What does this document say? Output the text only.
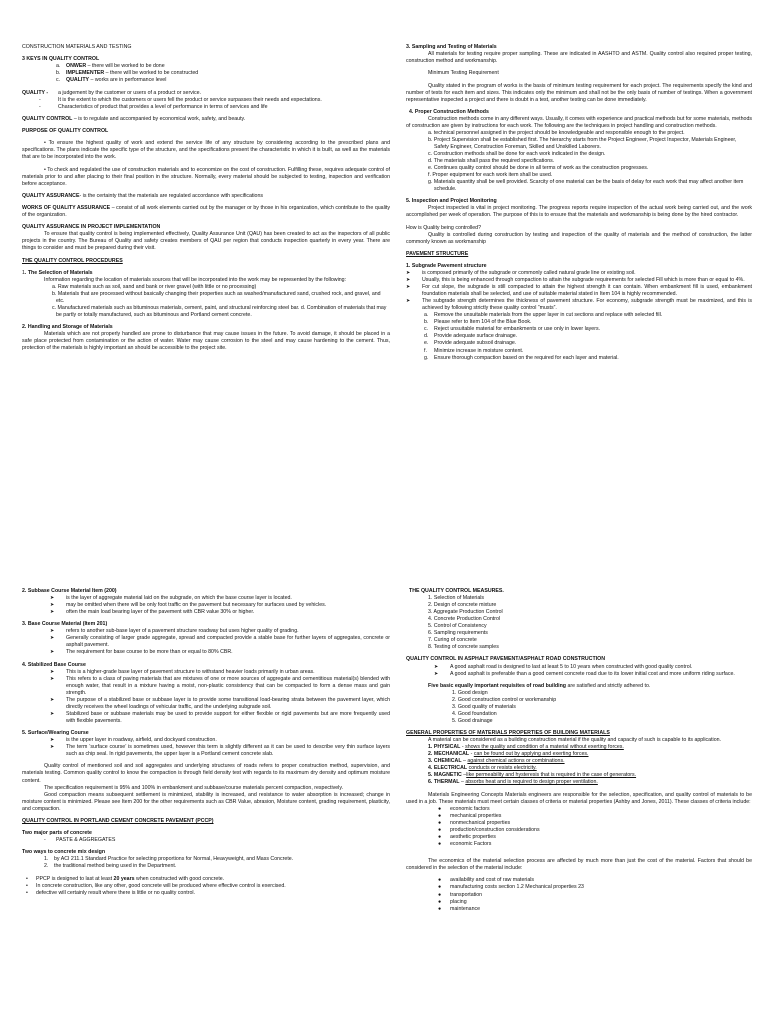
CONSTRUCTION MATERIALS AND TESTING

3 KEYS IN QUALITY CONTROL

a.	ONWER – there will be worked to be done
b.	IMPLEMENTER – there will be worked to be constructed
c.	QUALITY – works are in performance level
QUALITY -	a judgement by the customer or users of a product or service.
-	It is the extent to which the customers or users fell the product or service surpasses their needs and expectations.
-	Characteristics of product that provides a level of performance in terms of services and life

QUALITY CONTROL – is to regulate and accompanied by economical work, safety, and beauty.

PURPOSE OF QUALITY CONTROL

• To ensure the highest quality of work and extend the service life of any structure by considering according to the prescribed plans and specifications. The plans indicate the specific type of the structure, and the specifications present the characteristic in which it is built, as well as the materials that are to be incorporated into the work.

• To check and regulated the use of construction materials and to economize on the cost of construction. Fulfilling these, requires adequate control of materials prior to and after placing to their final position in the structure. Normally, every material should be subjected to testing, inspection and verification before acceptance.

QUALITY ASSURANCE- is the certainty that the materials are regulated accordance with specifications

WORKS OF QUALITY ASSURANCE – consist of all work elements carried out by the manager or by those in his organization, which contribute to the quality of the organization.

QUALITY ASSURANCE IN PROJECT IMPLEMENTATION

To ensure that quality control is being implemented effectively, Quality Assurance Unit (QAU) has been created to act as the inspectors of all public projects in the country. The Bureau of Quality and safety creates members of QAU per region that conducts inspection quarterly in every year. There are things to consider and must be prepared during their visit.

THE QUALITY CONTROL PROCEDURES

1. The Selection of Materials

Information regarding the location of materials sources that will be incorporated into the work may be represented by the following:

a. Raw materials such as soil, sand and bank or river gravel (with little or no processing)

b. Materials that are processed without basically changing their properties such as washed/manufactured sand, crushed rock, and gravel, and etc.

c. Manufactured materials such as bituminous materials, cement, paint, and structural reinforcing steel bar. d. Combination of materials that may be partly or totally manufactured, such as bituminous and Portland cement concrete.

2. Handling and Storage of Materials

Materials which are not properly handled are prone to disturbance that may cause issues in the future. To avoid damage, it should be placed in a safe place protected from contamination or the action of water. Water may cause corrosion to the steel and may cause hardening to the cement. Thus, protection of the materials is highly important an should be accessible to the project site.

3. Sampling and Testing of Materials

All materials for testing require proper sampling. These are indicated in AASHTO and ASTM. Quality control also required proper testing, construction method and workmanship.

Minimum Testing Requirement

Quality stated in the program of works is the basis of minimum testing requirement for each project. The requirements specify the kind and number of tests for each item and sizes. This indicates only the minimum and shall not be the only basis of number of testings. When a government representative inspected a project and there is doubt in a test, another testing can be done immediately.

4. Proper Construction Methods

Construction methods come in any different ways. Usually, it comes with experience and practical methods but for some materials, methods of construction are given by instructions for each work. The following are the techniques in project handling and construction methods.

a. technical personnel assigned in the project should be knowledgeable and responsible enough to the project.

b. Project Supervision shall be established first. The hierarchy starts from the Project Engineer, Project Inspector, Materials Engineer, Safety Engineer, Construction Foreman, Skilled and Unskilled Laborers.

c. Construction methods shall be done for each work indicated in the design.

d. The materials shall pass the required specifications.

e. Continues quality control should be done in all terms of work as the construction progresses.

f. Proper equipment for each work item shall be used.

g. Materials quantity shall be well provided. Scarcity of one material can be the basis of delay for each work that may affect another item schedule.

5. Inspection and Project Monitoring

Project inspected is vital in project monitoring. The progress reports require inspection of the actual work being carried out, and the work accomplished per week of operation. The purpose of this is to ensure that the materials and workmanship is being done by the hired contractor.

How is Quality being controlled?

Quality is controlled during construction by testing and inspection of the quality of materials and the method of construction, the latter commonly known as workmanship

PAVEMENT STRUCTURE

1. Subgrade Pavement structure

➤	is composed primarily of the subgrade or commonly called natural grade line or existing soil.
➤	Usually, this is being enhanced through compaction to attain the subgrade requirements for selected Fill which is more than or equal to 4%.
➤	For cut slope, the subgrade is still compacted to attain the highest strength it can contain. When embankment fill is used, embankment foundation materials shall be selected, and use of suitable material stated in Item 104 is highly recommended.
➤	The subgrade strength determines the thickness of pavement structure. For economy, subgrade strength must be maximized, and this is achieved by following strictly these quality control “musts”.
a.	Remove the unsuitable materials from the upper layer in cut sections and replace with selected fill.
b.	Please refer to Item 104 of the Blue Book.
c.	Reject unsuitable material for embankments or use only in lower layers.
d.	Provide adequate surface drainage.
e.	Provide adequate subsoil drainage.
f.	Minimize increase in moisture content.
g.	Ensure thorough compaction based on the required for each layer and material.

2. Subbase Course Material Item (200)

➤	is the layer of aggregate material laid on the subgrade, on which the base course layer is located.
➤	may be omitted when there will be only foot traffic on the pavement but necessary for surfaces used by vehicles.
➤	often the main load bearing layer of the pavement with CBR value 30% or higher.

3. Base Course Material (Item 201)

➤	refers to another sub-base layer of a pavement structure roadway but uses higher quality of grading.
➤	Generally consisting of larger grade aggregate, spread and compacted provide a stable base for further layers of aggregates, concrete or asphalt pavement.
➤	The requirement for base course to be more than or equal to 80% CBR.

4. Stabilized Base Course

➤	This is a higher-grade base layer of pavement structure to withstand heavier loads primarily in urban areas.
➤	This refers to a class of paving materials that are mixtures of one or more sources of aggregate and cementitious material(s) blended with enough water, that result in a mixture having a moist, non-plastic consistency that can be compacted to form a dense mass and gain strength.
➤	The purpose of a stabilized base or subbase layer is to provide some transitional load-bearing strata between the pavement layer, which directly receives the wheel loadings of vehicular traffic, and the underlying subgrade soil.
➤	Stabilized base or subbase materials may be used to provide support for either flexible or rigid pavements but are more frequently used with flexible pavements.

5. Surface/Wearing Course

➤	is the upper layer in roadway, airfield, and dockyard construction.
➤	The term ‘surface course’ is sometimes used, however this term is slightly different as it can be used to describe very thin surface layers such as chip seal. In rigid pavements, the upper layer is a Portland cement concrete slab.

Quality control of mentioned soil and soil aggregates and underlying structures of roads refers to proper construction method, supervision, and materials testing. Common quality control to know the compaction is through field density test with regards to its maximum dry density and optimum moisture content.

The specification requirement is 95% and 100% in embankment and subbase/course materials percent compaction, respectively.

Good compaction means subsequent settlement is minimized, stability is increased, and resistance to water absorption is increased; change in moisture content is minimized. Please see Item 200 for the other requirements such as CBR Value, abrasion, Moisture content, grading requirement, plasticity, and compaction.

QUALITY CONTROL IN PORTLAND CEMENT CONCRETE PAVEMENT (PCCP)

Two major parts of concrete

-	PASTE & AGGREGATES

Two ways to concrete mix design

1.	by ACI 211.1 Standard Practice for selecting proportions for Normal, Heavyweight, and Mass Concrete.
2.	the traditional method being used in the Department.
•	PPCP is designed to last at least 20 years when constructed with good concrete.
•	In concrete construction, like any other, good concrete will be produced where effective control is exercised.
•	defective will certainly result where there is little or no quality control.

THE QUALITY CONTROL MEASURES.

1. Selection of Materials

2. Design of concrete mixture

3. Aggregate Production Control

4. Concrete Production Control

5. Control of Consistency

6. Sampling requirements

7. Curing of concrete

8. Testing of concrete samples

QUALITY CONTROL IN ASPHALT PAVEMENT/ASPHALT ROAD CONSTRUCTION

➤	A good asphalt road is designed to last at least 5 to 10 years when constructed with good quality control.
➤	A good asphalt is preferable than a good cement concrete road due to its lower initial cost and more uniform riding surface.

Five basic equally important requisites of road building are satisfied and strictly adhered to.

1. Good design

2. Good construction control or workmanship

3. Good quality of materials

4. Good foundation

5. Good drainage

GENERAL PROPERTIES OF MATERIALS PROPERTIES OF BUILDING MATERIALS

A material can be considered as a building construction material if the quality and capacity of such is capable to its application.

1. PHYSICAL - shows the quality and condition of a material without exerting forces.

2. MECHANICAL - can be found out by applying and exerting forces.

3. CHEMICAL – against chemical actions or combinations.

4. ELECTRICAL conducts or resists electricity.

5. MAGNETIC –like permeability and hysteresis that is required in the case of generators.

6. THERMAL – absorbs heat and is required to design proper ventilation.

Materials Engineering Concepts Materials engineers are responsible for the selection, specification, and quality control of materials to be used in a job. These materials must meet certain classes of criteria or material properties (Ashby and Jones, 2011). These classes of criteria include:

●	economic factors
●	mechanical properties
●	nonmechanical properties
●	production/construction considerations
●	aesthetic properties
●	economic Factors

The economics of the material selection process are affected by much more than just the cost of the material. Factors that should be considered in the selection of the material include:

●	availability and cost of raw materials
●	manufacturing costs section 1.2 Mechanical properties 23
●	transportation
●	placing
●	maintenance
